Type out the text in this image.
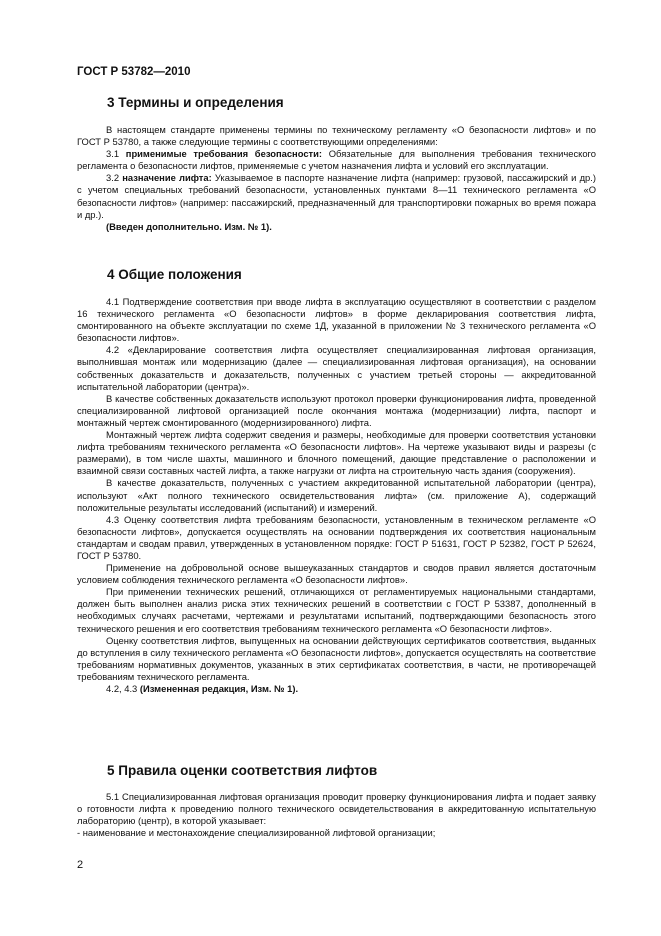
ГОСТ Р 53782—2010
3 Термины и определения

В настоящем стандарте применены термины по техническому регламенту «О безопасности лифтов» и по ГОСТ Р 53780, а также следующие термины с соответствующими определениями:

3.1 применимые требования безопасности: Обязательные для выполнения требования технического регламента о безопасности лифтов, применяемые с учетом назначения лифта и условий его эксплуатации.

3.2 назначение лифта: Указываемое в паспорте назначение лифта (например: грузовой, пассажирский и др.) с учетом специальных требований безопасности, установленных пунктами 8—11 технического регламента «О безопасности лифтов» (например: пассажирский, предназначенный для транспортировки пожарных во время пожара и др.).

(Введен дополнительно. Изм. № 1).

4 Общие положения

4.1 Подтверждение соответствия при вводе лифта в эксплуатацию осуществляют в соответствии с разделом 16 технического регламента «О безопасности лифтов» в форме декларирования соответствия лифта, смонтированного на объекте эксплуатации по схеме 1Д, указанной в приложении № 3 технического регламента «О безопасности лифтов».

4.2 «Декларирование соответствия лифта осуществляет специализированная лифтовая организация, выполнившая монтаж или модернизацию (далее — специализированная лифтовая организация), на основании собственных доказательств и доказательств, полученных с участием третьей стороны — аккредитованной испытательной лаборатории (центра)».

В качестве собственных доказательств используют протокол проверки функционирования лифта, проведенной специализированной лифтовой организацией после окончания монтажа (модернизации) лифта, паспорт и монтажный чертеж смонтированного (модернизированного) лифта.

Монтажный чертеж лифта содержит сведения и размеры, необходимые для проверки соответствия установки лифта требованиям технического регламента «О безопасности лифтов». На чертеже указывают виды и разрезы (с размерами), в том числе шахты, машинного и блочного помещений, дающие представление о расположении и взаимной связи составных частей лифта, а также нагрузки от лифта на строительную часть здания (сооружения).

В качестве доказательств, полученных с участием аккредитованной испытательной лаборатории (центра), используют «Акт полного технического освидетельствования лифта» (см. приложение А), содержащий положительные результаты исследований (испытаний) и измерений.

4.3 Оценку соответствия лифта требованиям безопасности, установленным в техническом регламенте «О безопасности лифтов», допускается осуществлять на основании подтверждения их соответствия национальным стандартам и сводам правил, утвержденных в установленном порядке: ГОСТ Р 51631, ГОСТ Р 52382, ГОСТ Р 52624, ГОСТ Р 53780.

Применение на добровольной основе вышеуказанных стандартов и сводов правил является достаточным условием соблюдения технического регламента «О безопасности лифтов».

При применении технических решений, отличающихся от регламентируемых национальными стандартами, должен быть выполнен анализ риска этих технических решений в соответствии с ГОСТ Р 53387, дополненный в необходимых случаях расчетами, чертежами и результатами испытаний, подтверждающими безопасность этого технического решения и его соответствия требованиям технического регламента «О безопасности лифтов».

Оценку соответствия лифтов, выпущенных на основании действующих сертификатов соответствия, выданных до вступления в силу технического регламента «О безопасности лифтов», допускается осуществлять на соответствие требованиям нормативных документов, указанных в этих сертификатах соответствия, в части, не противоречащей требованиям технического регламента.

4.2, 4.3 (Измененная редакция, Изм. № 1).

5 Правила оценки соответствия лифтов

5.1 Специализированная лифтовая организация проводит проверку функционирования лифта и подает заявку о готовности лифта к проведению полного технического освидетельствования в аккредитованную испытательную лабораторию (центр), в которой указывает:

- наименование и местонахождение специализированной лифтовой организации;

2
